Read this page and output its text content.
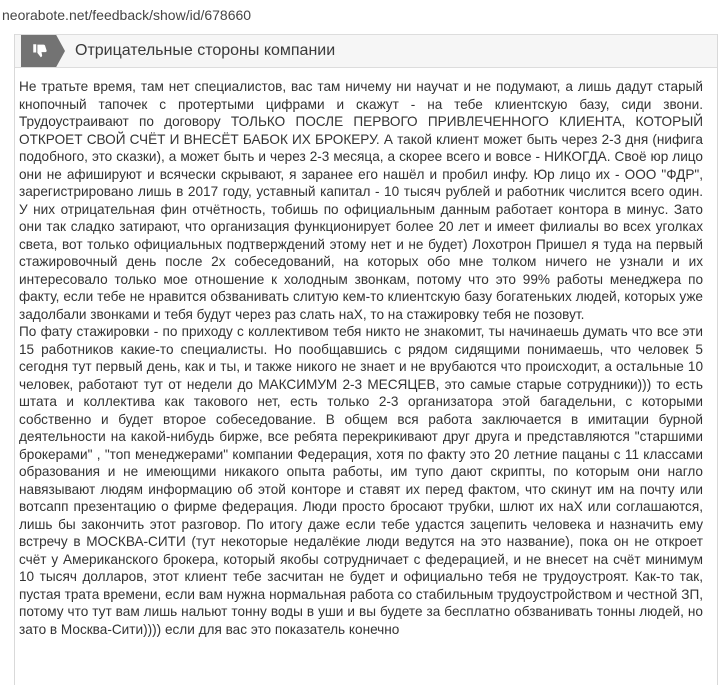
neorabote.net/feedback/show/id/678660
Отрицательные стороны компании

Не тратьте время, там нет специалистов, вас там ничему ни научат и не подумают, а лишь дадут старый кнопочный тапочек с протертыми цифрами и скажут - на тебе клиентскую базу, сиди звони. Трудоустраивают по договору ТОЛЬКО ПОСЛЕ ПЕРВОГО ПРИВЛЕЧЕННОГО КЛИЕНТА, КОТОРЫЙ ОТКРОЕТ СВОЙ СЧЁТ И ВНЕСЁТ БАБОК ИХ БРОКЕРУ. А такой клиент может быть через 2-3 дня (нифига подобного, это сказки), а может быть и через 2-3 месяца, а скорее всего и вовсе - НИКОГДА. Своё юр лицо они не афишируют и всячески скрывают, я заранее его нашёл и пробил инфу. Юр лицо их - ООО "ФДР", зарегистрировано лишь в 2017 году, уставный капитал - 10 тысяч рублей и работник числится всего один. У них отрицательная фин отчётность, тобишь по официальным данным работает контора в минус. Зато они так сладко затирают, что организация функционирует более 20 лет и имеет филиалы во всех уголках света, вот только официальных подтверждений этому нет и не будет) Лохотрон Пришел я туда на первый стажировочный день после 2х собеседований, на которых обо мне толком ничего не узнали и их интересовало только мое отношение к холодным звонкам, потому что это 99% работы менеджера по факту, если тебе не нравится обзванивать слитую кем-то клиентскую базу богатеньких людей, которых уже задолбали звонками и тебя будут через раз слать наХ, то на стажировку тебя не позовут.

По фату стажировки - по приходу с коллективом тебя никто не знакомит, ты начинаешь думать что все эти 15 работников какие-то специалисты. Но пообщавшись с рядом сидящими понимаешь, что человек 5 сегодня тут первый день, как и ты, и также никого не знает и не врубаются что происходит, а остальные 10 человек, работают тут от недели до МАКСИМУМ 2-3 МЕСЯЦЕВ, это самые старые сотрудники))) то есть штата и коллектива как такового нет, есть только 2-3 организатора этой багадельни, с которыми собственно и будет второе собеседование. В общем вся работа заключается в имитации бурной деятельности на какой-нибудь бирже, все ребята перекрикивают друг друга и представляются "старшими брокерами" , "топ менеджерами" компании Федерация, хотя по факту это 20 летние пацаны с 11 классами образования и не имеющими никакого опыта работы, им тупо дают скрипты, по которым они нагло навязывают людям информацию об этой конторе и ставят их перед фактом, что скинут им на почту или вотсапп презентацию о фирме федерация. Люди просто бросают трубки, шлют их наХ или соглашаются, лишь бы закончить этот разговор. По итогу даже если тебе удастся зацепить человека и назначить ему встречу в МОСКВА-СИТИ (тут некоторые недалёкие люди ведутся на это название), пока он не откроет счёт у Американского брокера, который якобы сотрудничает с федерацией, и не внесет на счёт минимум 10 тысяч долларов, этот клиент тебе засчитан не будет и официально тебя не трудоустроят. Как-то так, пустая трата времени, если вам нужна нормальная работа со стабильным трудоустройством и честной ЗП, потому что тут вам лишь нальют тонну воды в уши и вы будете за бесплатно обзванивать тонны людей, но зато в Москва-Сити)))) если для вас это показатель конечно
